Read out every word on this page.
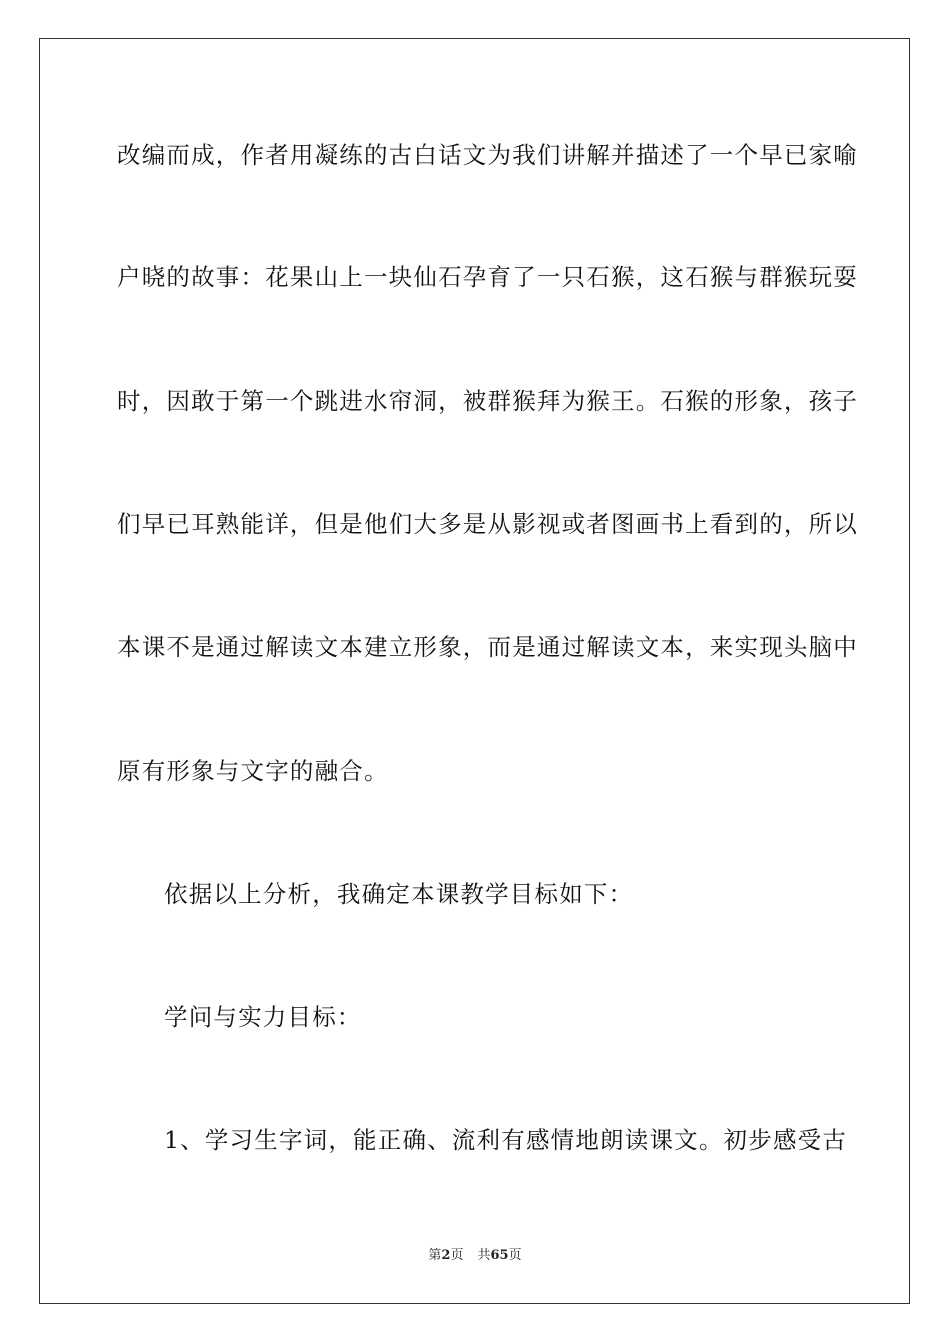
改编而成，作者用凝练的古白话文为我们讲解并描述了一个早已家喻
户晓的故事：花果山上一块仙石孕育了一只石猴，这石猴与群猴玩耍
时，因敢于第一个跳进水帘洞，被群猴拜为猴王。石猴的形象，孩子
们早已耳熟能详，但是他们大多是从影视或者图画书上看到的，所以
本课不是通过解读文本建立形象，而是通过解读文本，来实现头脑中
原有形象与文字的融合。
依据以上分析，我确定本课教学目标如下：
学问与实力目标：
1、学习生字词，能正确、流利有感情地朗读课文。初步感受古
第2页 共65页
